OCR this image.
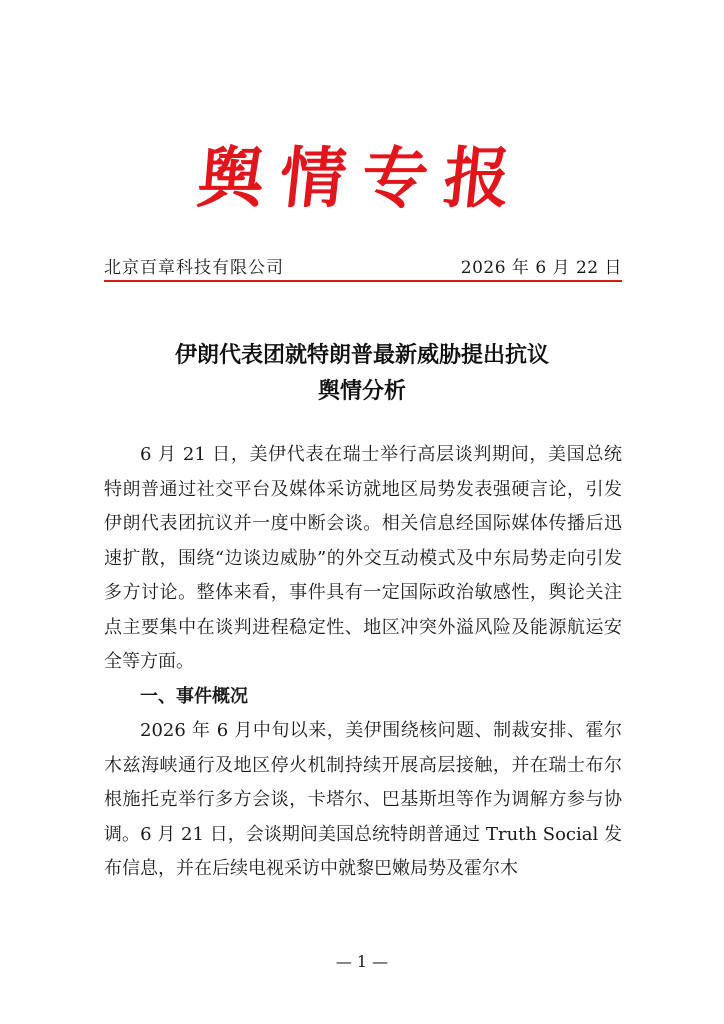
舆情专报
北京百章科技有限公司	2026 年 6 月 22 日
伊朗代表团就特朗普最新威胁提出抗议
舆情分析

6 月 21 日，美伊代表在瑞士举行高层谈判期间，美国总统特朗普通过社交平台及媒体采访就地区局势发表强硬言论，引发伊朗代表团抗议并一度中断会谈。相关信息经国际媒体传播后迅速扩散，围绕“边谈边威胁”的外交互动模式及中东局势走向引发多方讨论。整体来看，事件具有一定国际政治敏感性，舆论关注点主要集中在谈判进程稳定性、地区冲突外溢风险及能源航运安全等方面。

一、事件概况

2026 年 6 月中旬以来，美伊围绕核问题、制裁安排、霍尔木兹海峡通行及地区停火机制持续开展高层接触，并在瑞士布尔根施托克举行多方会谈，卡塔尔、巴基斯坦等作为调解方参与协调。6 月 21 日，会谈期间美国总统特朗普通过 Truth Social 发布信息，并在后续电视采访中就黎巴嫩局势及霍尔木

— 1 —
